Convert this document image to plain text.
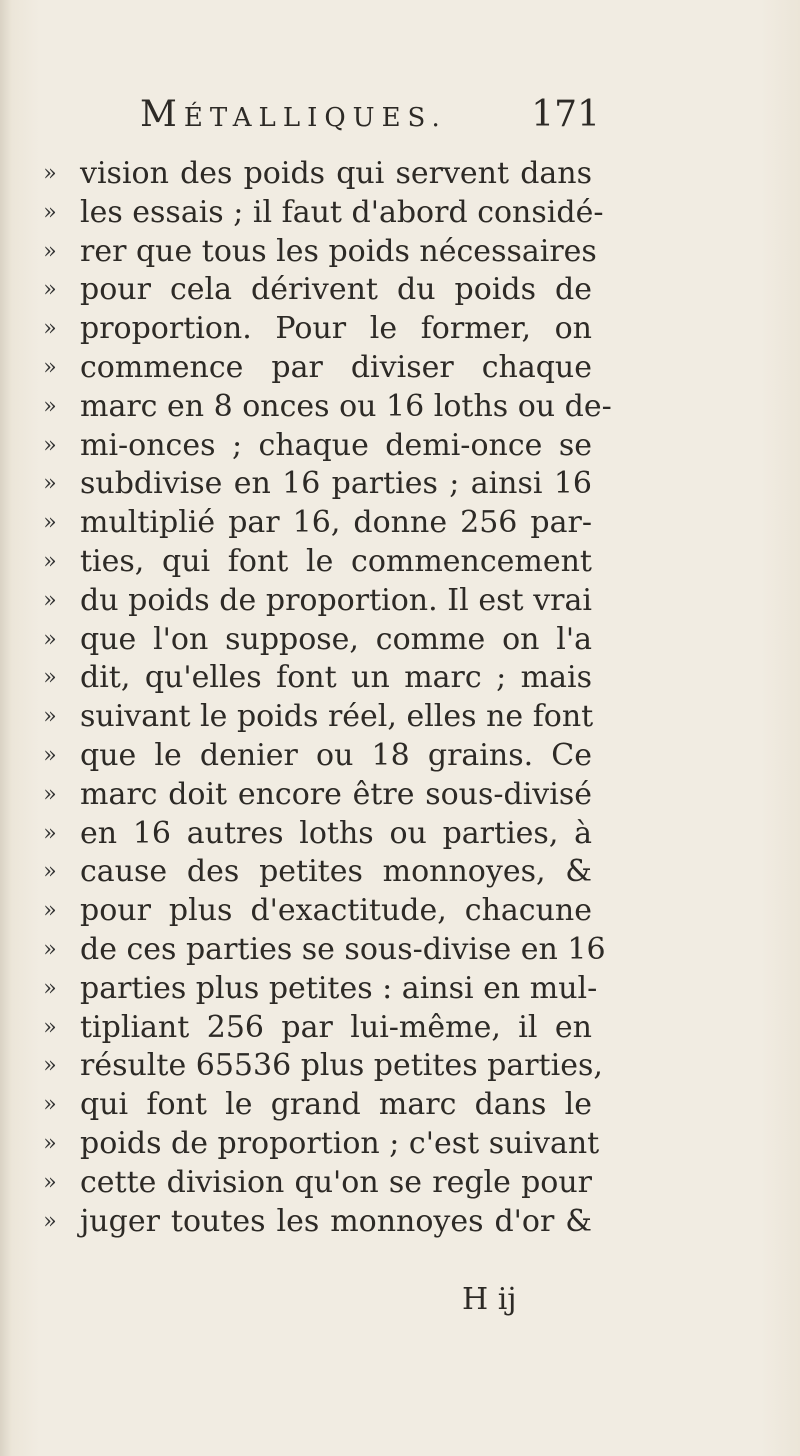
MÉTALLIQUES. 171
»
»
»
»
»
»
»
»
»
»
»
»
»
»
»
»
»
»
»
»
»
»
»
»
»
»
»
»
vision des poids qui servent dans
les essais ; il faut d'abord considé-
rer que tous les poids nécessaires
pour cela dérivent du poids de
proportion. Pour le former, on
commence par diviser chaque
marc en 8 onces ou 16 loths ou de-
mi-onces ; chaque demi-once se
subdivise en 16 parties ; ainsi 16
multiplié par 16, donne 256 par-
ties, qui font le commencement
du poids de proportion. Il est vrai
que l'on suppose, comme on l'a
dit, qu'elles font un marc ; mais
suivant le poids réel, elles ne font
que le denier ou 18 grains. Ce
marc doit encore être sous-divisé
en 16 autres loths ou parties, à
cause des petites monnoyes, &
pour plus d'exactitude, chacune
de ces parties se sous-divise en 16
parties plus petites : ainsi en mul-
tipliant 256 par lui-même, il en
résulte 65536 plus petites parties,
qui font le grand marc dans le
poids de proportion ; c'est suivant
cette division qu'on se regle pour
juger toutes les monnoyes d'or &
H ij
